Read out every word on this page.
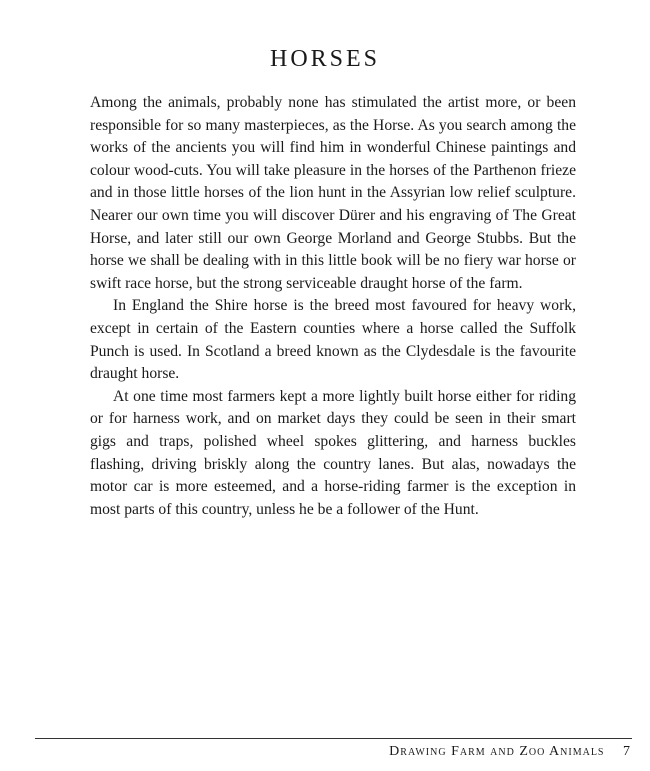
HORSES

Among the animals, probably none has stimulated the artist more, or been responsible for so many masterpieces, as the Horse. As you search among the works of the ancients you will find him in wonderful Chinese paintings and colour wood-cuts. You will take pleasure in the horses of the Parthenon frieze and in those little horses of the lion hunt in the Assyrian low relief sculpture. Nearer our own time you will discover Dürer and his engraving of The Great Horse, and later still our own George Morland and George Stubbs. But the horse we shall be dealing with in this little book will be no fiery war horse or swift race horse, but the strong serviceable draught horse of the farm.

In England the Shire horse is the breed most favoured for heavy work, except in certain of the Eastern counties where a horse called the Suffolk Punch is used. In Scotland a breed known as the Clydesdale is the favourite draught horse.

At one time most farmers kept a more lightly built horse either for riding or for harness work, and on market days they could be seen in their smart gigs and traps, polished wheel spokes glittering, and harness buckles flashing, driving briskly along the country lanes. But alas, nowadays the motor car is more esteemed, and a horse-riding farmer is the exception in most parts of this country, unless he be a follower of the Hunt.

Drawing Farm and Zoo Animals 7
